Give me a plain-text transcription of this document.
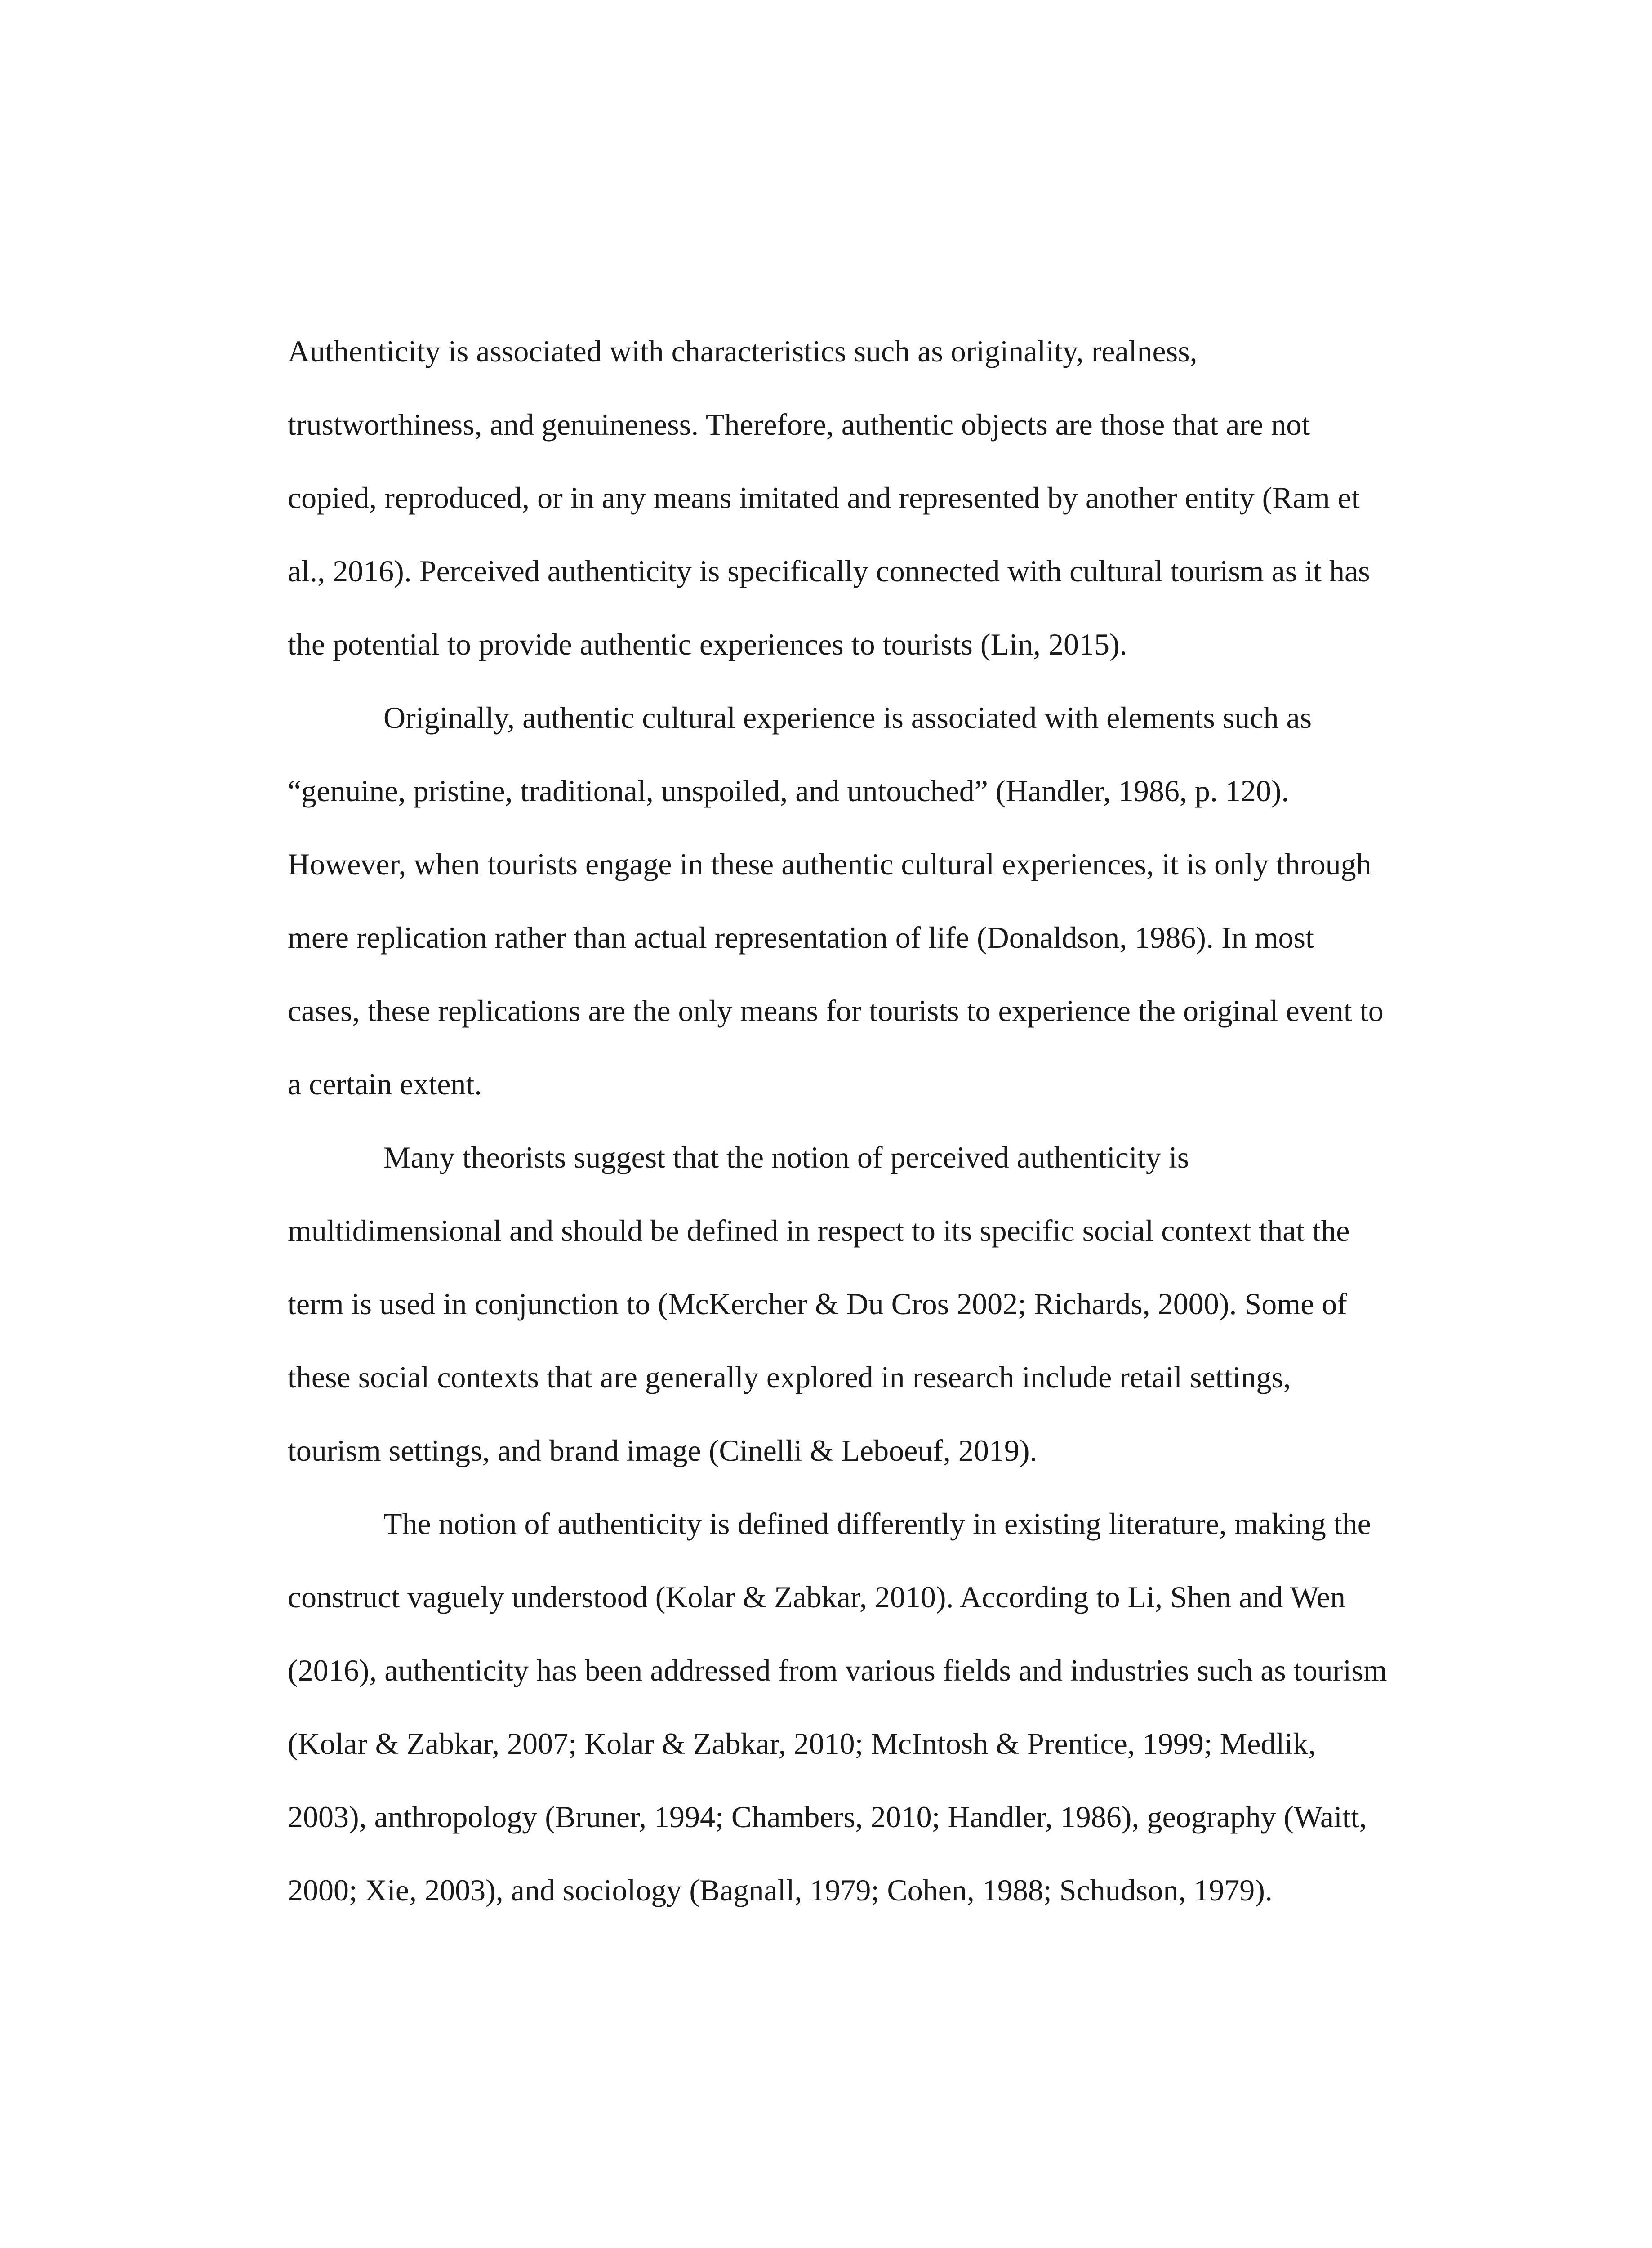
Authenticity is associated with characteristics such as originality, realness,
trustworthiness, and genuineness. Therefore, authentic objects are those that are not
copied, reproduced, or in any means imitated and represented by another entity (Ram et
al., 2016). Perceived authenticity is specifically connected with cultural tourism as it has
the potential to provide authentic experiences to tourists (Lin, 2015).

Originally, authentic cultural experience is associated with elements such as
“genuine, pristine, traditional, unspoiled, and untouched” (Handler, 1986, p. 120).
However, when tourists engage in these authentic cultural experiences, it is only through
mere replication rather than actual representation of life (Donaldson, 1986). In most
cases, these replications are the only means for tourists to experience the original event to
a certain extent.

Many theorists suggest that the notion of perceived authenticity is
multidimensional and should be defined in respect to its specific social context that the
term is used in conjunction to (McKercher & Du Cros 2002; Richards, 2000). Some of
these social contexts that are generally explored in research include retail settings,
tourism settings, and brand image (Cinelli & Leboeuf, 2019).

The notion of authenticity is defined differently in existing literature, making the
construct vaguely understood (Kolar & Zabkar, 2010). According to Li, Shen and Wen
(2016), authenticity has been addressed from various fields and industries such as tourism
(Kolar & Zabkar, 2007; Kolar & Zabkar, 2010; McIntosh & Prentice, 1999; Medlik,
2003), anthropology (Bruner, 1994; Chambers, 2010; Handler, 1986), geography (Waitt,
2000; Xie, 2003), and sociology (Bagnall, 1979; Cohen, 1988; Schudson, 1979).
